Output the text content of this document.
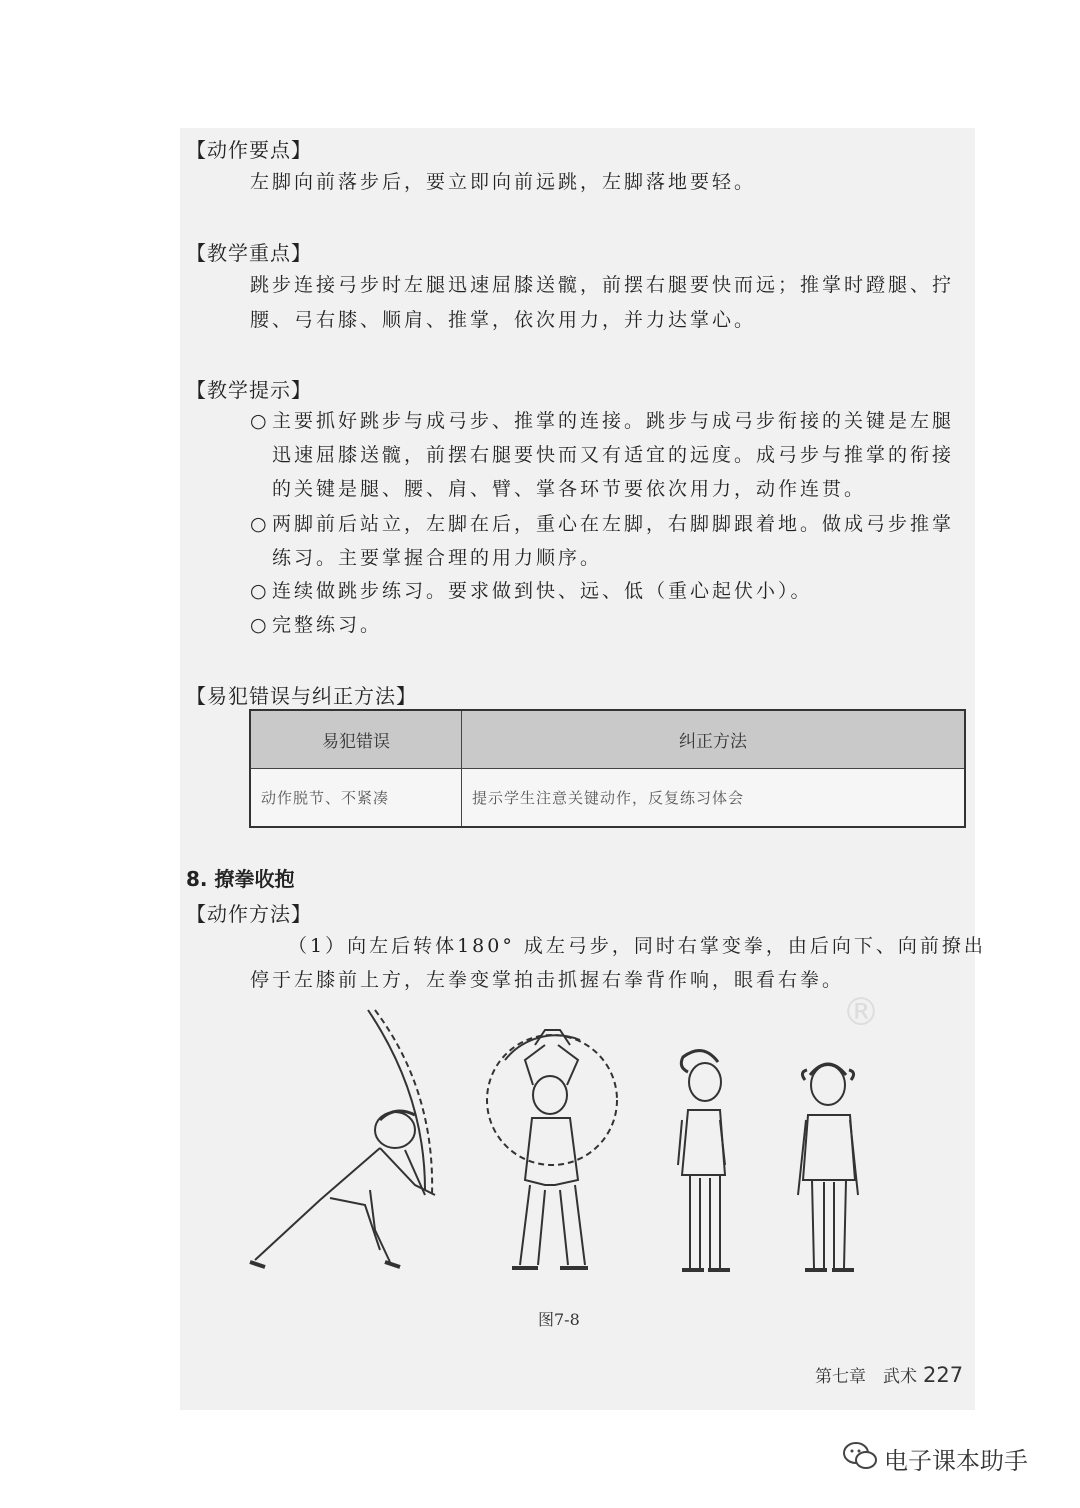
【动作要点】
左脚向前落步后，要立即向前远跳，左脚落地要轻。
【教学重点】
跳步连接弓步时左腿迅速屈膝送髋，前摆右腿要快而远；推掌时蹬腿、拧
腰、弓右膝、顺肩、推掌，依次用力，并力达掌心。
【教学提示】
○ 主要抓好跳步与成弓步、推掌的连接。跳步与成弓步衔接的关键是左腿迅速屈膝送髋，前摆右腿要快而又有适宜的远度。成弓步与推掌的衔接的关键是腿、腰、肩、臂、掌各环节要依次用力，动作连贯。
○ 两脚前后站立，左脚在后，重心在左脚，右脚脚跟着地。做成弓步推掌练习。主要掌握合理的用力顺序。
○ 连续做跳步练习。要求做到快、远、低（重心起伏小）。
○ 完整练习。
【易犯错误与纠正方法】
易犯错误	纠正方法
动作脱节、不紧凑	提示学生注意关键动作，反复练习体会
8. 撩拳收抱
【动作方法】
（1）向左后转体180° 成左弓步，同时右掌变拳，由后向下、向前撩出
停于左膝前上方，左拳变掌拍击抓握右拳背作响，眼看右拳。
®
图7-8
第七章　武术 227
电子课本助手
